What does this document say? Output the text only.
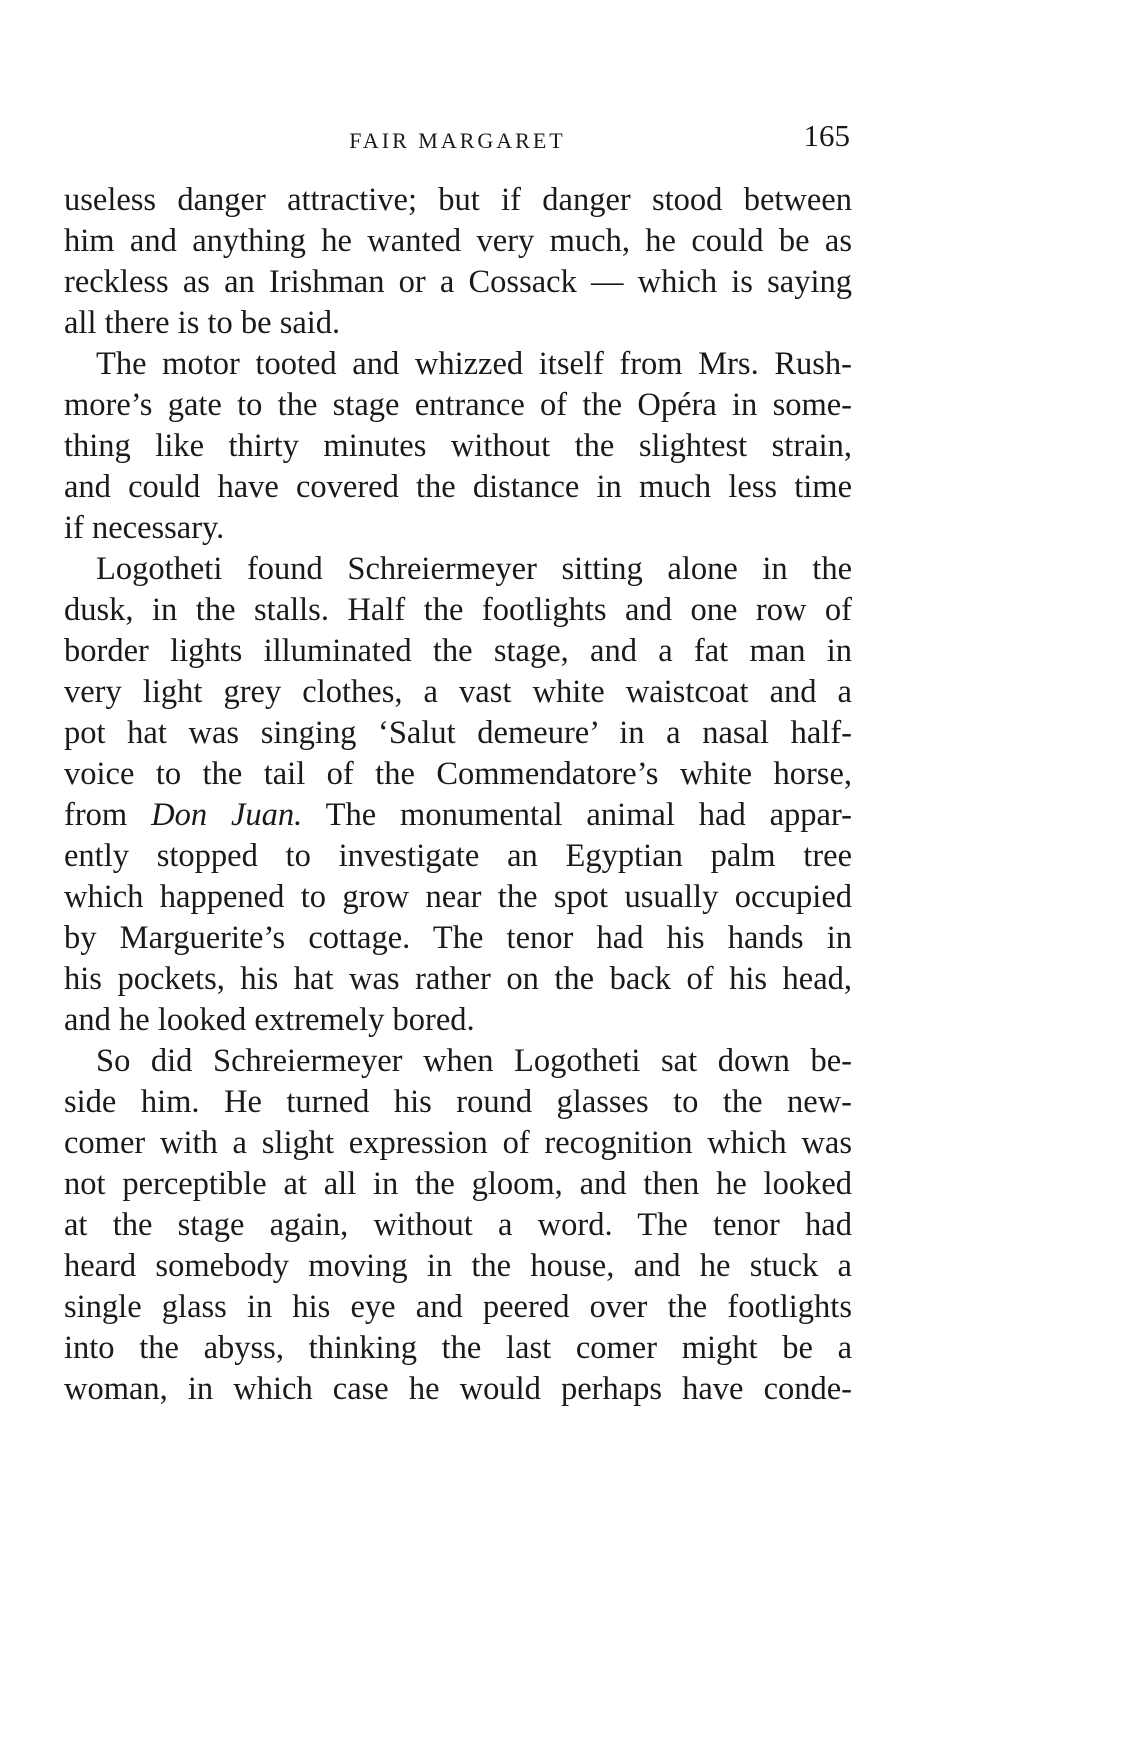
FAIR MARGARET	165
useless danger attractive; but if danger stood between
him and anything he wanted very much, he could be as
reckless as an Irishman or a Cossack — which is saying
all there is to be said.
The motor tooted and whizzed itself from Mrs. Rush-
more’s gate to the stage entrance of the Opéra in some-
thing like thirty minutes without the slightest strain,
and could have covered the distance in much less time
if necessary.
Logotheti found Schreiermeyer sitting alone in the
dusk, in the stalls. Half the footlights and one row of
border lights illuminated the stage, and a fat man in
very light grey clothes, a vast white waistcoat and a
pot hat was singing ‘Salut demeure’ in a nasal half-
voice to the tail of the Commendatore’s white horse,
from Don Juan. The monumental animal had appar-
ently stopped to investigate an Egyptian palm tree
which happened to grow near the spot usually occupied
by Marguerite’s cottage. The tenor had his hands in
his pockets, his hat was rather on the back of his head,
and he looked extremely bored.
So did Schreiermeyer when Logotheti sat down be-
side him. He turned his round glasses to the new-
comer with a slight expression of recognition which was
not perceptible at all in the gloom, and then he looked
at the stage again, without a word. The tenor had
heard somebody moving in the house, and he stuck a
single glass in his eye and peered over the footlights
into the abyss, thinking the last comer might be a
woman, in which case he would perhaps have conde-
